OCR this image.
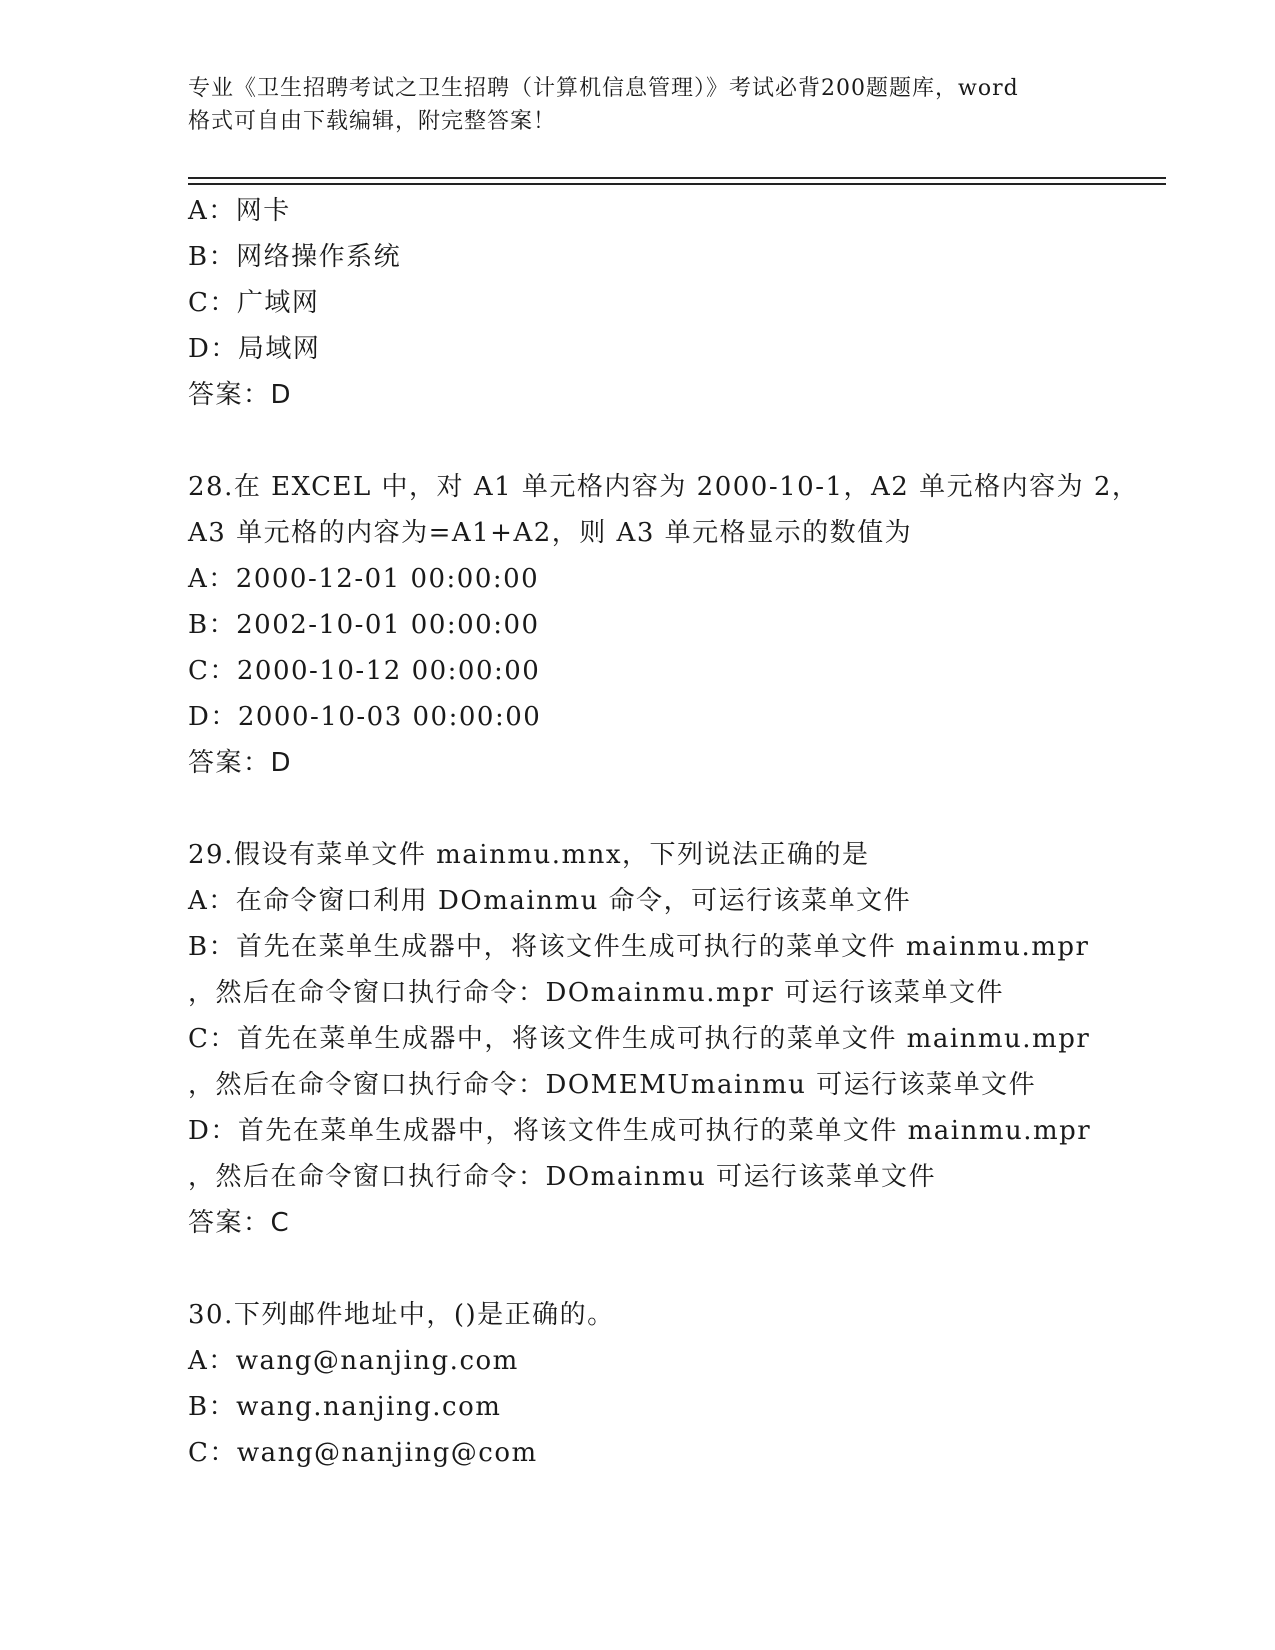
专业《卫生招聘考试之卫生招聘（计算机信息管理）》考试必背200题题库，word
格式可自由下载编辑，附完整答案！
A：网卡
B：网络操作系统
C：广域网
D：局域网
答案：D
28.在 EXCEL 中，对 A1 单元格内容为 2000-10-1，A2 单元格内容为 2，
A3 单元格的内容为=A1+A2，则 A3 单元格显示的数值为
A：2000-12-01 00:00:00
B：2002-10-01 00:00:00
C：2000-10-12 00:00:00
D：2000-10-03 00:00:00
答案：D
29.假设有菜单文件 mainmu.mnx，下列说法正确的是
A：在命令窗口利用 DOmainmu 命令，可运行该菜单文件
B：首先在菜单生成器中，将该文件生成可执行的菜单文件 mainmu.mpr
，然后在命令窗口执行命令：DOmainmu.mpr 可运行该菜单文件
C：首先在菜单生成器中，将该文件生成可执行的菜单文件 mainmu.mpr
，然后在命令窗口执行命令：DOMEMUmainmu 可运行该菜单文件
D：首先在菜单生成器中，将该文件生成可执行的菜单文件 mainmu.mpr
，然后在命令窗口执行命令：DOmainmu 可运行该菜单文件
答案：C
30.下列邮件地址中，()是正确的。
A：wang@nanjing.com
B：wang.nanjing.com
C：wang@nanjing@com
